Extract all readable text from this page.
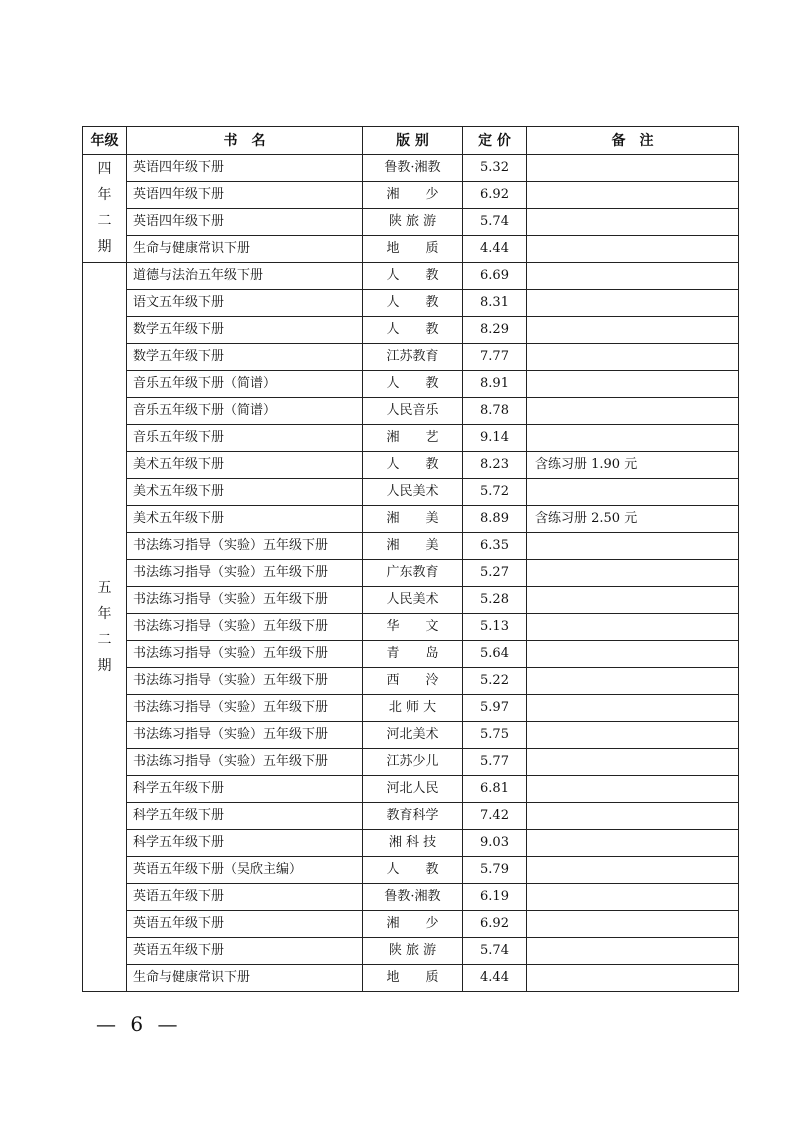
年级	书　名	版 别	定 价	备　注
四年二期	英语四年级下册	鲁教·湘教	5.32	
	英语四年级下册	湘　　少	6.92	
	英语四年级下册	陕 旅 游	5.74	
	生命与健康常识下册	地　　质	4.44	
五年二期	道德与法治五年级下册	人　　教	6.69	
	语文五年级下册	人　　教	8.31	
	数学五年级下册	人　　教	8.29	
	数学五年级下册	江苏教育	7.77	
	音乐五年级下册（简谱）	人　　教	8.91	
	音乐五年级下册（简谱）	人民音乐	8.78	
	音乐五年级下册	湘　　艺	9.14	
	美术五年级下册	人　　教	8.23	含练习册 1.90 元
	美术五年级下册	人民美术	5.72	
	美术五年级下册	湘　　美	8.89	含练习册 2.50 元
	书法练习指导（实验）五年级下册	湘　　美	6.35	
	书法练习指导（实验）五年级下册	广东教育	5.27	
	书法练习指导（实验）五年级下册	人民美术	5.28	
	书法练习指导（实验）五年级下册	华　　文	5.13	
	书法练习指导（实验）五年级下册	青　　岛	5.64	
	书法练习指导（实验）五年级下册	西　　泠	5.22	
	书法练习指导（实验）五年级下册	北 师 大	5.97	
	书法练习指导（实验）五年级下册	河北美术	5.75	
	书法练习指导（实验）五年级下册	江苏少儿	5.77	
	科学五年级下册	河北人民	6.81	
	科学五年级下册	教育科学	7.42	
	科学五年级下册	湘 科 技	9.03	
	英语五年级下册（吴欣主编）	人　　教	5.79	
	英语五年级下册	鲁教·湘教	6.19	
	英语五年级下册	湘　　少	6.92	
	英语五年级下册	陕 旅 游	5.74	
	生命与健康常识下册	地　　质	4.44	
— 6 —
